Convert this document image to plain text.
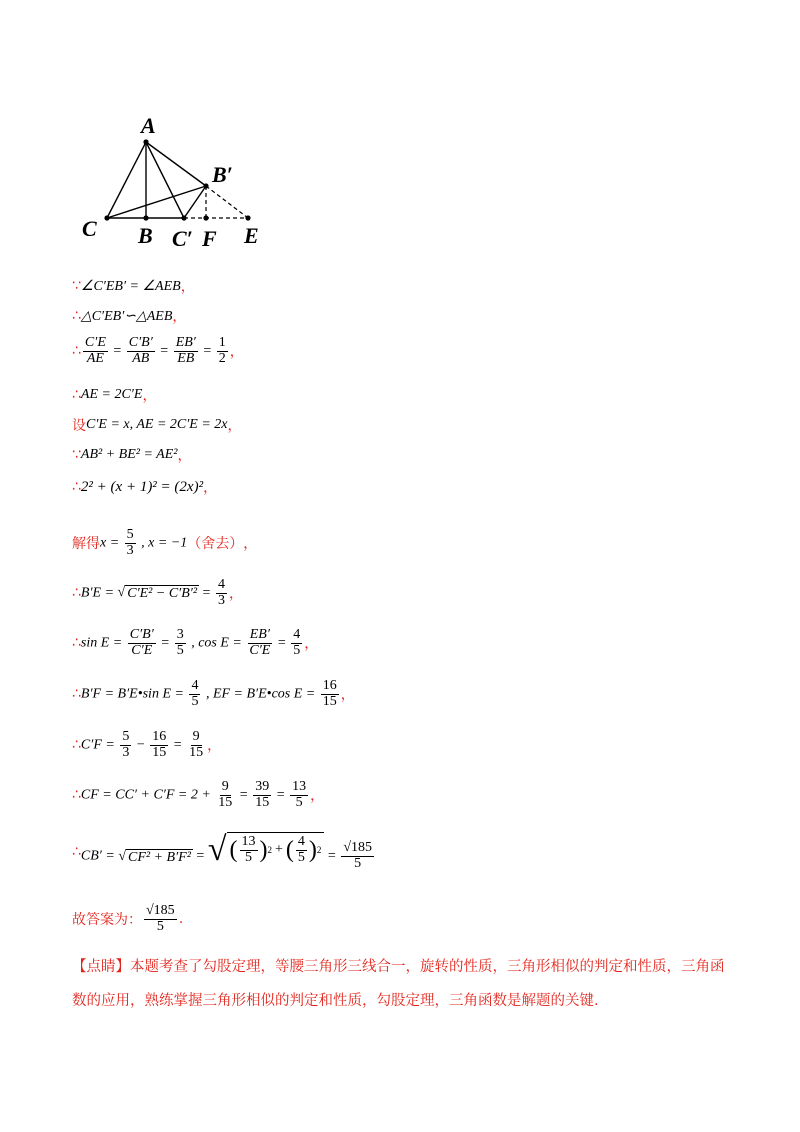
A
B′
C B C′ F E
∵ ∠C′EB′ = ∠AEB ，
∴ △C′EB′∽△AEB ，
∴ $\frac{C'E}{AE} = \frac{C'B'}{AB} = \frac{EB'}{EB} = \frac{1}{2}$ ，
∴ AE = 2C′E ，
设 C′E = x, AE = 2C′E = 2x ，
∵ AB² + BE² = AE² ，
∴ 2² + (x + 1)² = (2x)² ，
解得 $x = \frac{5}{3}$ , x = −1 （舍去） ，
∴ B′E = √ $C'E^2 - C'B'^2 = \frac{4}{3}$ ，
∴ $\sin E = \frac{C'B'}{C'E} = \frac{3}{5}$ , $\cos E = \frac{EB'}{C'E} = \frac{4}{5}$ ，
∴ B′F = B′E•sin $E = \frac{4}{5}$ , EF = B′E•cos $E = \frac{16}{15}$ ，
∴ $C'F = \frac{5}{3} - \frac{16}{15} = \frac{9}{15}$ ，
∴ CF = $CC' + C'F = 2 + \frac{9}{15} = \frac{39}{15} = \frac{13}{5}$ ，
∴ CB′ = √ CF² + B′F² = √ ( $\frac{13}{5}$ ) 2 + ( $\frac{4}{5}$ ) $2 = \frac{√185}{5}$
故答案为： $\frac{√185}{5}$ .
【点睛】本题考查了勾股定理，等腰三角形三线合一，旋转的性质，三角形相似的判定和性质，三角函数的应用，熟练掌握三角形相似的判定和性质，勾股定理，三角函数是解题的关键.
